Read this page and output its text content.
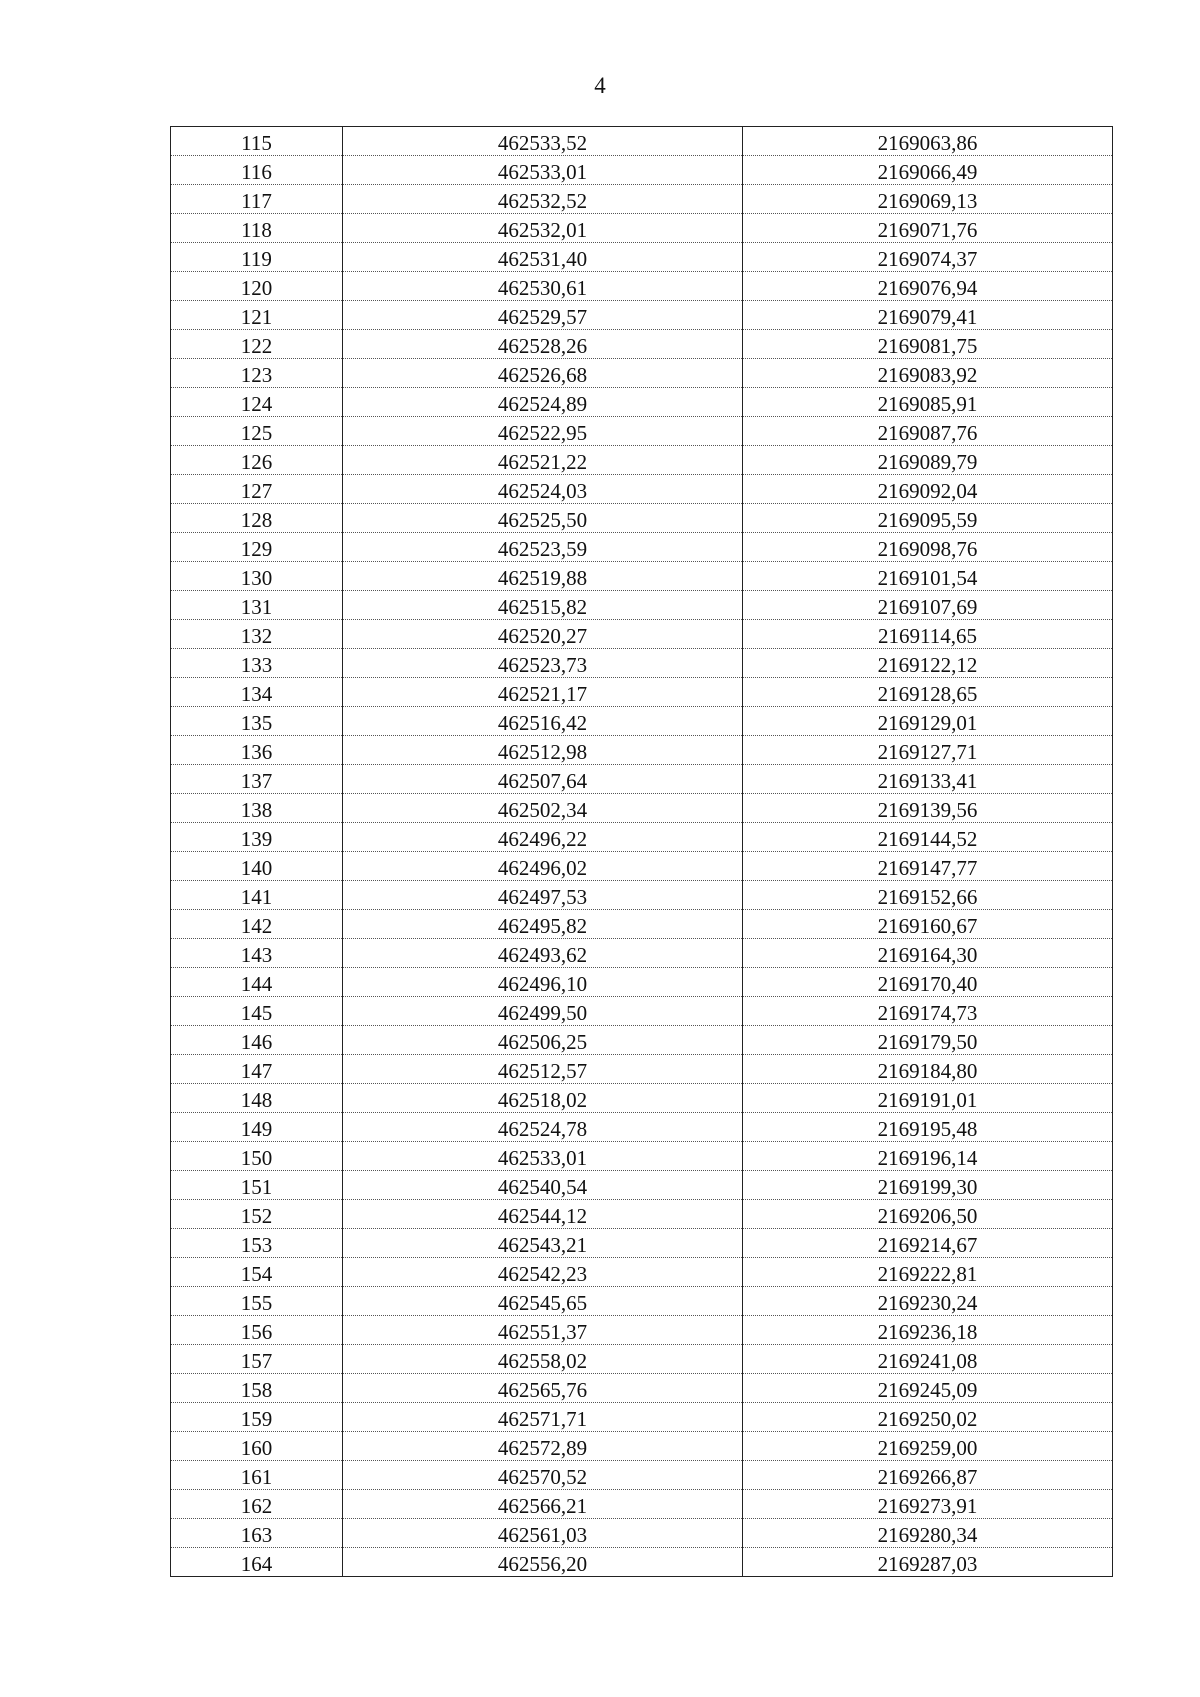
4
115	462533,52	2169063,86
116	462533,01	2169066,49
117	462532,52	2169069,13
118	462532,01	2169071,76
119	462531,40	2169074,37
120	462530,61	2169076,94
121	462529,57	2169079,41
122	462528,26	2169081,75
123	462526,68	2169083,92
124	462524,89	2169085,91
125	462522,95	2169087,76
126	462521,22	2169089,79
127	462524,03	2169092,04
128	462525,50	2169095,59
129	462523,59	2169098,76
130	462519,88	2169101,54
131	462515,82	2169107,69
132	462520,27	2169114,65
133	462523,73	2169122,12
134	462521,17	2169128,65
135	462516,42	2169129,01
136	462512,98	2169127,71
137	462507,64	2169133,41
138	462502,34	2169139,56
139	462496,22	2169144,52
140	462496,02	2169147,77
141	462497,53	2169152,66
142	462495,82	2169160,67
143	462493,62	2169164,30
144	462496,10	2169170,40
145	462499,50	2169174,73
146	462506,25	2169179,50
147	462512,57	2169184,80
148	462518,02	2169191,01
149	462524,78	2169195,48
150	462533,01	2169196,14
151	462540,54	2169199,30
152	462544,12	2169206,50
153	462543,21	2169214,67
154	462542,23	2169222,81
155	462545,65	2169230,24
156	462551,37	2169236,18
157	462558,02	2169241,08
158	462565,76	2169245,09
159	462571,71	2169250,02
160	462572,89	2169259,00
161	462570,52	2169266,87
162	462566,21	2169273,91
163	462561,03	2169280,34
164	462556,20	2169287,03
